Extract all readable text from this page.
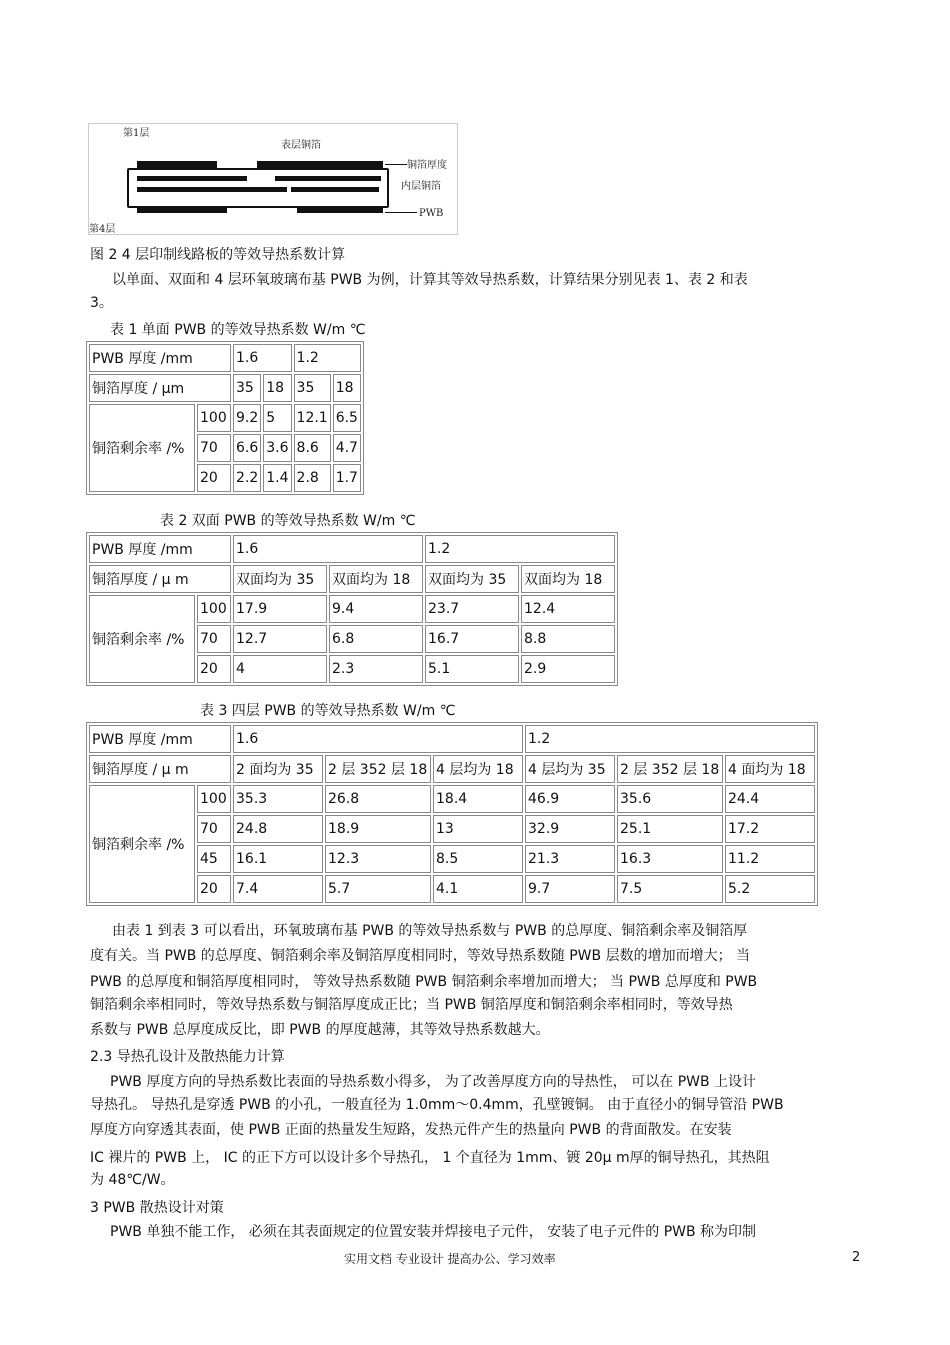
第1层
表层铜箔
铜箔厚度
内层铜箔
第4层
PWB
图 2 4 层印制线路板的等效导热系数计算
以单面、双面和 4 层环氧玻璃布基 PWB 为例，计算其等效导热系数，计算结果分别见表 1、表 2 和表
3。
表 1 单面 PWB 的等效导热系数 W/m ℃
PWB 厚度 /mm		1.6		1.2	
铜箔厚度 / μm		35	18	35	18
铜箔剩余率 /%	100	9.2	5	12.1	6.5
	70	6.6	3.6	8.6	4.7
	20	2.2	1.4	2.8	1.7
表 2 双面 PWB 的等效导热系数 W/m ℃
PWB 厚度 /mm		1.6		1.2	
铜箔厚度 / μ m		双面均为 35	双面均为 18	双面均为 35	双面均为 18
铜箔剩余率 /%	100	17.9	9.4	23.7	12.4
	70	12.7	6.8	16.7	8.8
	20	4	2.3	5.1	2.9
表 3 四层 PWB 的等效导热系数 W/m ℃
PWB 厚度 /mm		1.6			1.2		
铜箔厚度 / μ m		2 面均为 35	2 层 352 层 18	4 层均为 18	4 层均为 35	2 层 352 层 18	4 面均为 18
铜箔剩余率 /%	100	35.3	26.8	18.4	46.9	35.6	24.4
	70	24.8	18.9	13	32.9	25.1	17.2
	45	16.1	12.3	8.5	21.3	16.3	11.2
	20	7.4	5.7	4.1	9.7	7.5	5.2
由表 1 到表 3 可以看出，环氧玻璃布基 PWB 的等效导热系数与 PWB 的总厚度、铜箔剩余率及铜箔厚
度有关。当 PWB 的总厚度、铜箔剩余率及铜箔厚度相同时，等效导热系数随 PWB 层数的增加而增大； 当
PWB 的总厚度和铜箔厚度相同时， 等效导热系数随 PWB 铜箔剩余率增加而增大； 当 PWB 总厚度和 PWB
铜箔剩余率相同时，等效导热系数与铜箔厚度成正比；当 PWB 铜箔厚度和铜箔剩余率相同时，等效导热
系数与 PWB 总厚度成反比，即 PWB 的厚度越薄，其等效导热系数越大。
2.3 导热孔设计及散热能力计算
PWB 厚度方向的导热系数比表面的导热系数小得多， 为了改善厚度方向的导热性， 可以在 PWB 上设计
导热孔。 导热孔是穿透 PWB 的小孔，一般直径为 1.0mm～0.4mm，孔壁镀铜。 由于直径小的铜导管沿 PWB
厚度方向穿透其表面，使 PWB 正面的热量发生短路，发热元件产生的热量向 PWB 的背面散发。在安装
IC 裸片的 PWB 上， IC 的正下方可以设计多个导热孔， 1 个直径为 1mm、镀 20μ m厚的铜导热孔，其热阻
为 48℃/W。
3 PWB 散热设计对策
PWB 单独不能工作， 必须在其表面规定的位置安装并焊接电子元件， 安装了电子元件的 PWB 称为印制
实用文档 专业设计 提高办公、学习效率	2
